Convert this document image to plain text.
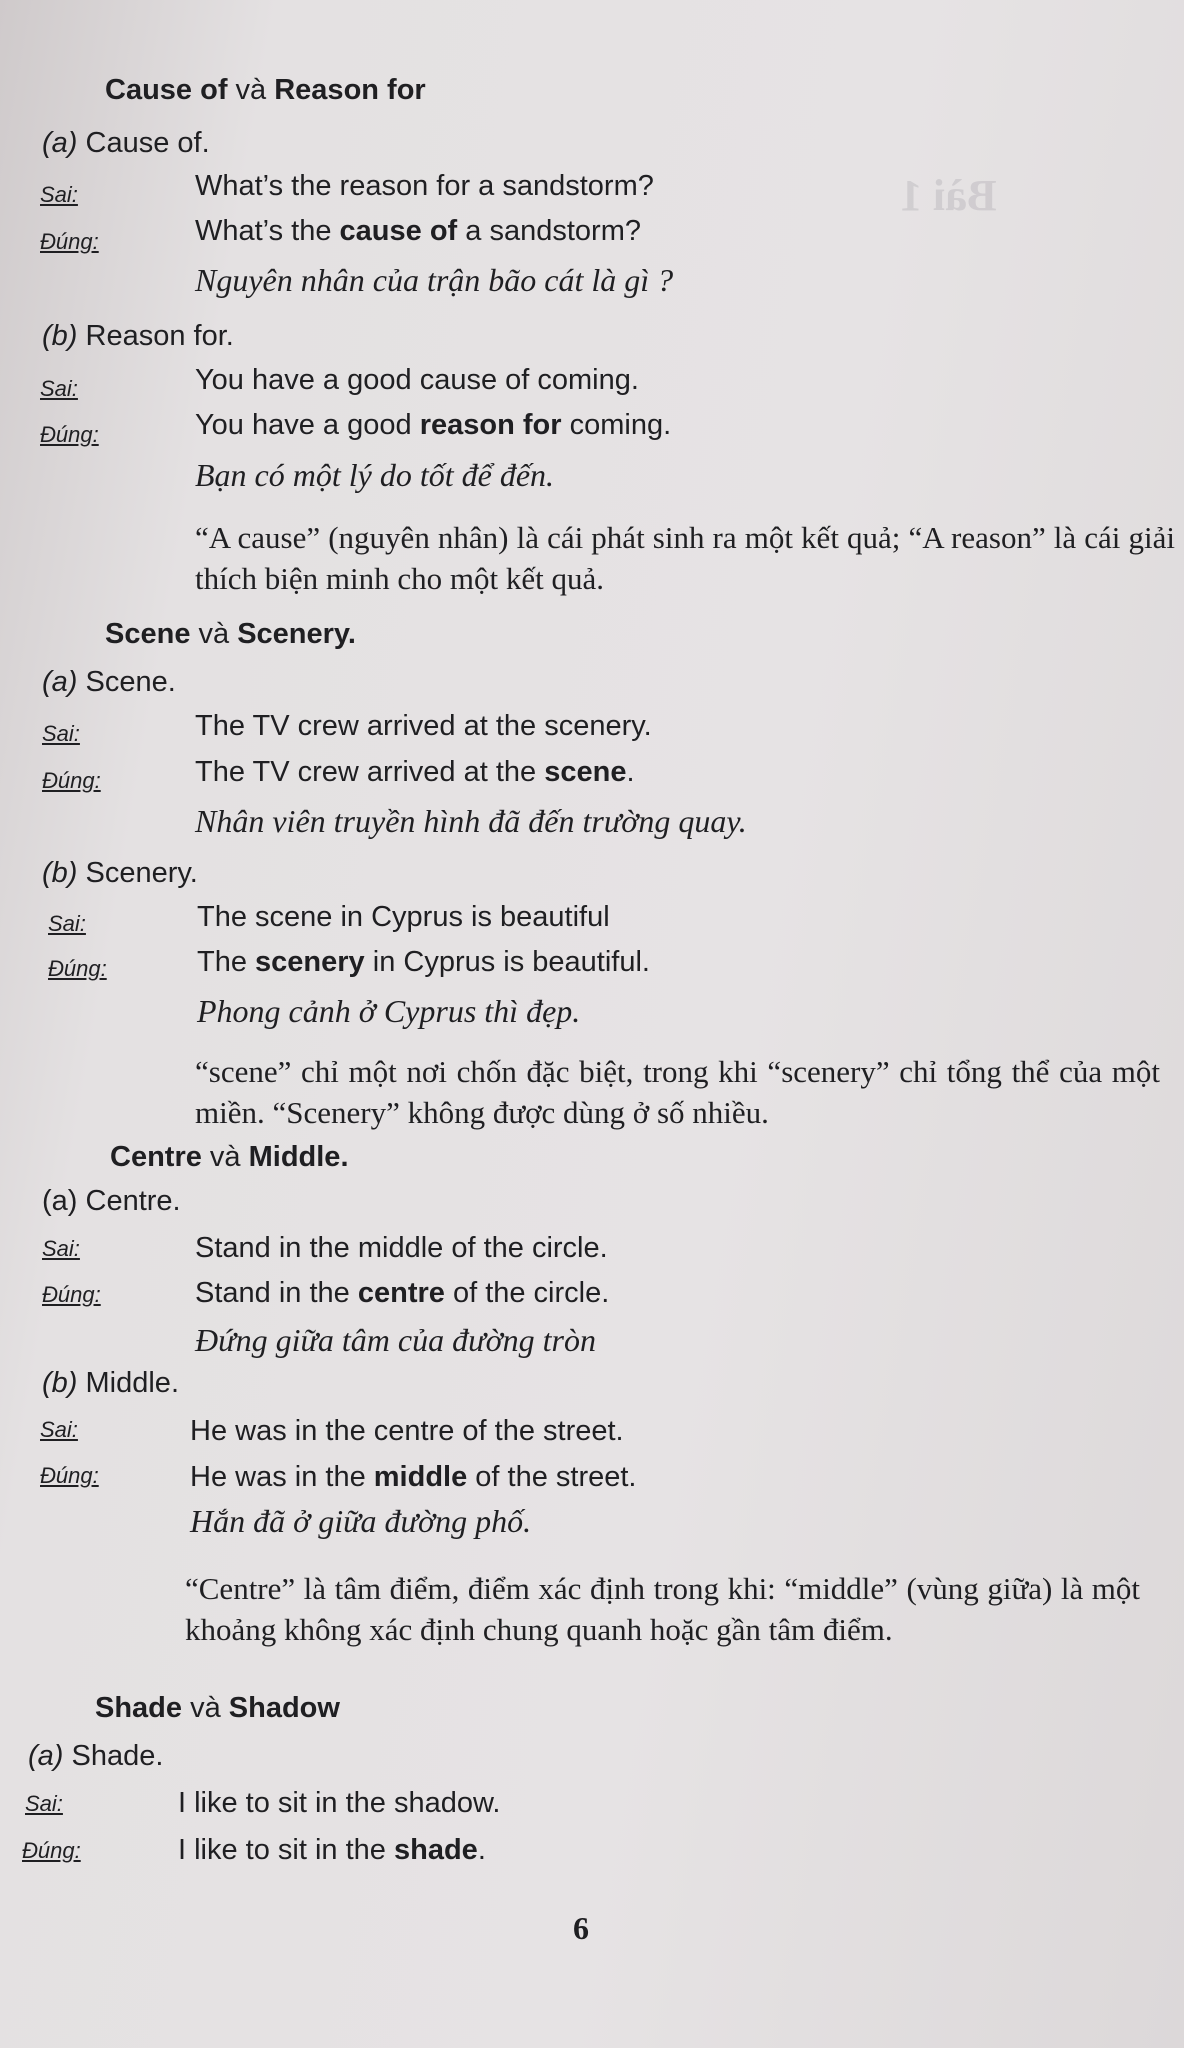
Bài 1
Cause of và Reason for
(a) Cause of.
Sai:	What’s the reason for a sandstorm?
Đúng:	What’s the cause of a sandstorm?
Nguyên nhân của trận bão cát là gì ?
(b) Reason for.
Sai:	You have a good cause of coming.
Đúng:	You have a good reason for coming.
Bạn có một lý do tốt để đến.
“A cause” (nguyên nhân) là cái phát sinh ra một kết quả; “A reason” là cái giải thích biện minh cho một kết quả.
Scene và Scenery.
(a) Scene.
Sai:	The TV crew arrived at the scenery.
Đúng:	The TV crew arrived at the scene.
Nhân viên truyền hình đã đến trường quay.
(b) Scenery.
Sai:	The scene in Cyprus is beautiful
Đúng:	The scenery in Cyprus is beautiful.
Phong cảnh ở Cyprus thì đẹp.
“scene” chỉ một nơi chốn đặc biệt, trong khi “scenery” chỉ tổng thể của một miền. “Scenery” không được dùng ở số nhiều.
Centre và Middle.
(a) Centre.
Sai:	Stand in the middle of the circle.
Đúng:	Stand in the centre of the circle.
Đứng giữa tâm của đường tròn
(b) Middle.
Sai:	He was in the centre of the street.
Đúng:	He was in the middle of the street.
Hắn đã ở giữa đường phố.
“Centre” là tâm điểm, điểm xác định trong khi: “middle” (vùng giữa) là một khoảng không xác định chung quanh hoặc gần tâm điểm.
Shade và Shadow
(a) Shade.
Sai:	I like to sit in the shadow.
Đúng:	I like to sit in the shade.
6
